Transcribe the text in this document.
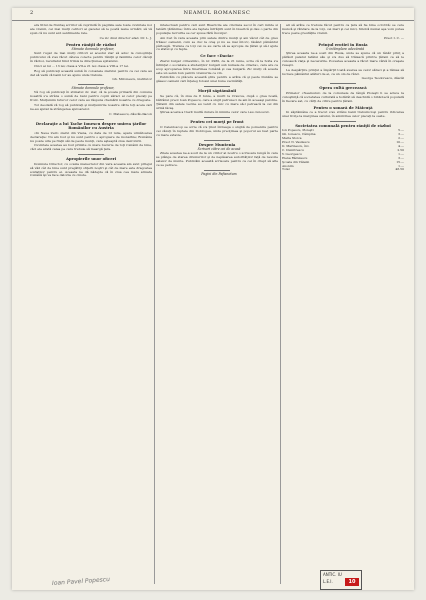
2	NEAMUL ROMANESC

era titlul de fruntaş scriitor să cuprindă în paginile sale toate cuvintele noi ale vremii, cei mai mulţi cetitori ai gazetei să le poată lesne urmări; să vă spun că nu sunt aici sentimente rele.

Ce zic dnul director efad. Dr. L. J.

Pentru răniţii de război

Stimate domnule profesor,

Sunt rugat de mai mulţi cititori ai acestui ziar să aduc la cunoştinţa publicului că s'au făcut câteva colecte pentru răniţii şi familiile celor căzuţi în război, rezultatul fiind trimis la direcţiunea spitalului.

Cinci ai lui ... 13 lei; clasa a VII-a 21 lei; clasa a VIII-a 17 lei.

Rog să publicaţi această sumă în coloanele ziarului pentru ca cei care au dat să vadă că banii lor au ajuns unde trebuia.

Gh. Mironescu, institutor

Stimate domnule profesor,

Vă rog să publicaţi în stimatul dv. ziar, că la şcoala primară din comuna noastră s'a strâns o sumă de bani pentru copiii săraci ai celor plecaţi pe front. Mulţumim tuturor celor care au răspuns chemării noastre cu dragoste.

Tot deodată vă rog să publicaţi şi mulţumirile noastre către toţi aceia cari ne-au ajutat la strângerea ajutoarelor.

C. Mateescu, dăscăl-diacon

Declaraţie a lui Tache Ionescu despre unirea ţărilor Românilor cu Austria

«In Neue Zeit» ziarul din Viena, cu data de 12 iulie, apare următoarea declaraţie: Nu am fost şi nu sunt pentru o apropiere de monarhie; România nu poate uita pe fraţii săi de peste munţi, care aşteaptă ziua dezrobirii.

Cuvintele acestea au fost primite cu mare bucurie de toţi românii de bine, căci ele arată calea pe care trebuie să meargă ţara.

Apropierile unor oficeri

Domnule Director, cu ocazia manevrelor din vara aceasta am avut prilejul să văd cât de bine sunt pregătiţi ofiţerii noştri şi cât de mare este dragostea soldaţilor pentru ei. Aceasta ne dă nădejde că în ziua cea mare armata română îşi va face datoria cu cinste.

intelectuali pentru cari sunt Bisericile ale cincileia secol în cari minte si tabârii ţărănime; între ele faptele înfrăţirii sunt în biserică şi dau o parte din populaţie lucrurile se cer spuse fără înconjur.

Am fost în vara aceasta prin satele dintre munţi şi am văzut cât de greu trăiesc oamenii, cum se duc la oraş şi nu se mai întorc, lăsând pământul pârloagă. Trebuie ca toţi cei ce au carte să se apropie de ţăran şi să-l ajute cu sfatul şi cu fapta.

Ce face «Dacia»

Ziarul bulgar «Dnevnik», în nr. 2980, de la 21 iunie, scrie că la Sofia s'a înfiinţat o societate a studenţilor bulgari sub numele de «Dacia», care are ca scop apropierea între tinerimea română şi cea bulgară. Zic mulţi că acesta este un semn bun pentru vremurile ce vin.

Publicăm cu plăcere această ştire pentru a arăta că şi peste Dunăre se găsesc oameni cari înţeleg folosul unei bune vecinătăţi.

Morţii săptămânii

Se pare că, în ziua de 8 Iunie, a murit la Craiova, după o grea boală, bătrânul preot Ioan Popescu, care a slujit patruzeci de ani în aceeaşi parohie. Ţăranii din satele vecine au venit cu mic cu mare să-l petreacă la cel din urmă lăcaş.

Ştirea acesta a trezit multă durere în inimile celor care l-au cunoscut.

Pentru cei morţi pe front

O Caleidoscop se scrie că s'a ţinut întreaga o slujbă de pomenire pentru cei căzuţi în luptele din Dobrogea, unde preoţimea şi poporul au luat parte cu mare evlavie.

Despre Muntenia

Scrisori către cei de acasă

Zilele acestea ne-a sosit de la un cititor al nostru o scrisoare lungă în care se plânge de starea drumurilor şi de nepăsarea autorităţilor faţă de nevoile satelor de munte. Publicăm această scrisoare pentru ca cei în drept să afle ce se petrece.

Pagini din Pafianetum

ali să arăte ce trebuie făcut pentru ca ţara să fie bine ocrotită; se cere muncă şi răbdare de la toţi, cei mari şi cei mici, fiindcă numai aşa vom putea trece peste greutăţile vremii.

Preot I. C. —

Prinţul erotiei in Rusia

O intâmplare adevărată

Ştirea aceasta ne-a sosit din Rusia, unde se spune că un tânăr prinţ a părăsit palatul tatălui său şi s'a dus să trăiască printre ţărani ca să le cunoască viaţa şi necazurile. Povestea aceasta a făcut mare vâlvă în oraşele ruseşti.

La despărţire prinţul a împărţit toată averea sa celor săraci şi a rămas să lucreze pământul alături de ei, ca un om de rând.

George Teodorescu, dăscăl

Opera cultă grecească

Primelor «Neamului» de la comunele de lângă Ploieşti li se aduce la cunoştinţă că societatea culturală a hotărât să deschidă o bibliotecă populară în fiecare sat, cu cărţi de citire pentru ţărani.

Pentru o sonară de Măicuţă

In săptămâna ce a trecut s'au strâns banii trebuincioşi pentru ridicarea unei troiţe la marginea satului, în amintirea celor plecaţi la oaste.

Societatea comunală pentru răniţii de război
Ion Popescu, Ploieşti	5.—
Gh. Ionescu, Câmpina	3.—
Maria Stoica	2.—
Preot N. Vasilescu	10.—
D. Marinescu, înv.	4.—
C. Dumitrescu	2.50
V. Georgescu	1.—
Elena Rădulescu	3.—
Şcoala din Vălenii	15.—
Anonim	1.—
Total	46.50
ANTIC. IU
L.E.I.	10
Ioan Pavel Popescu
